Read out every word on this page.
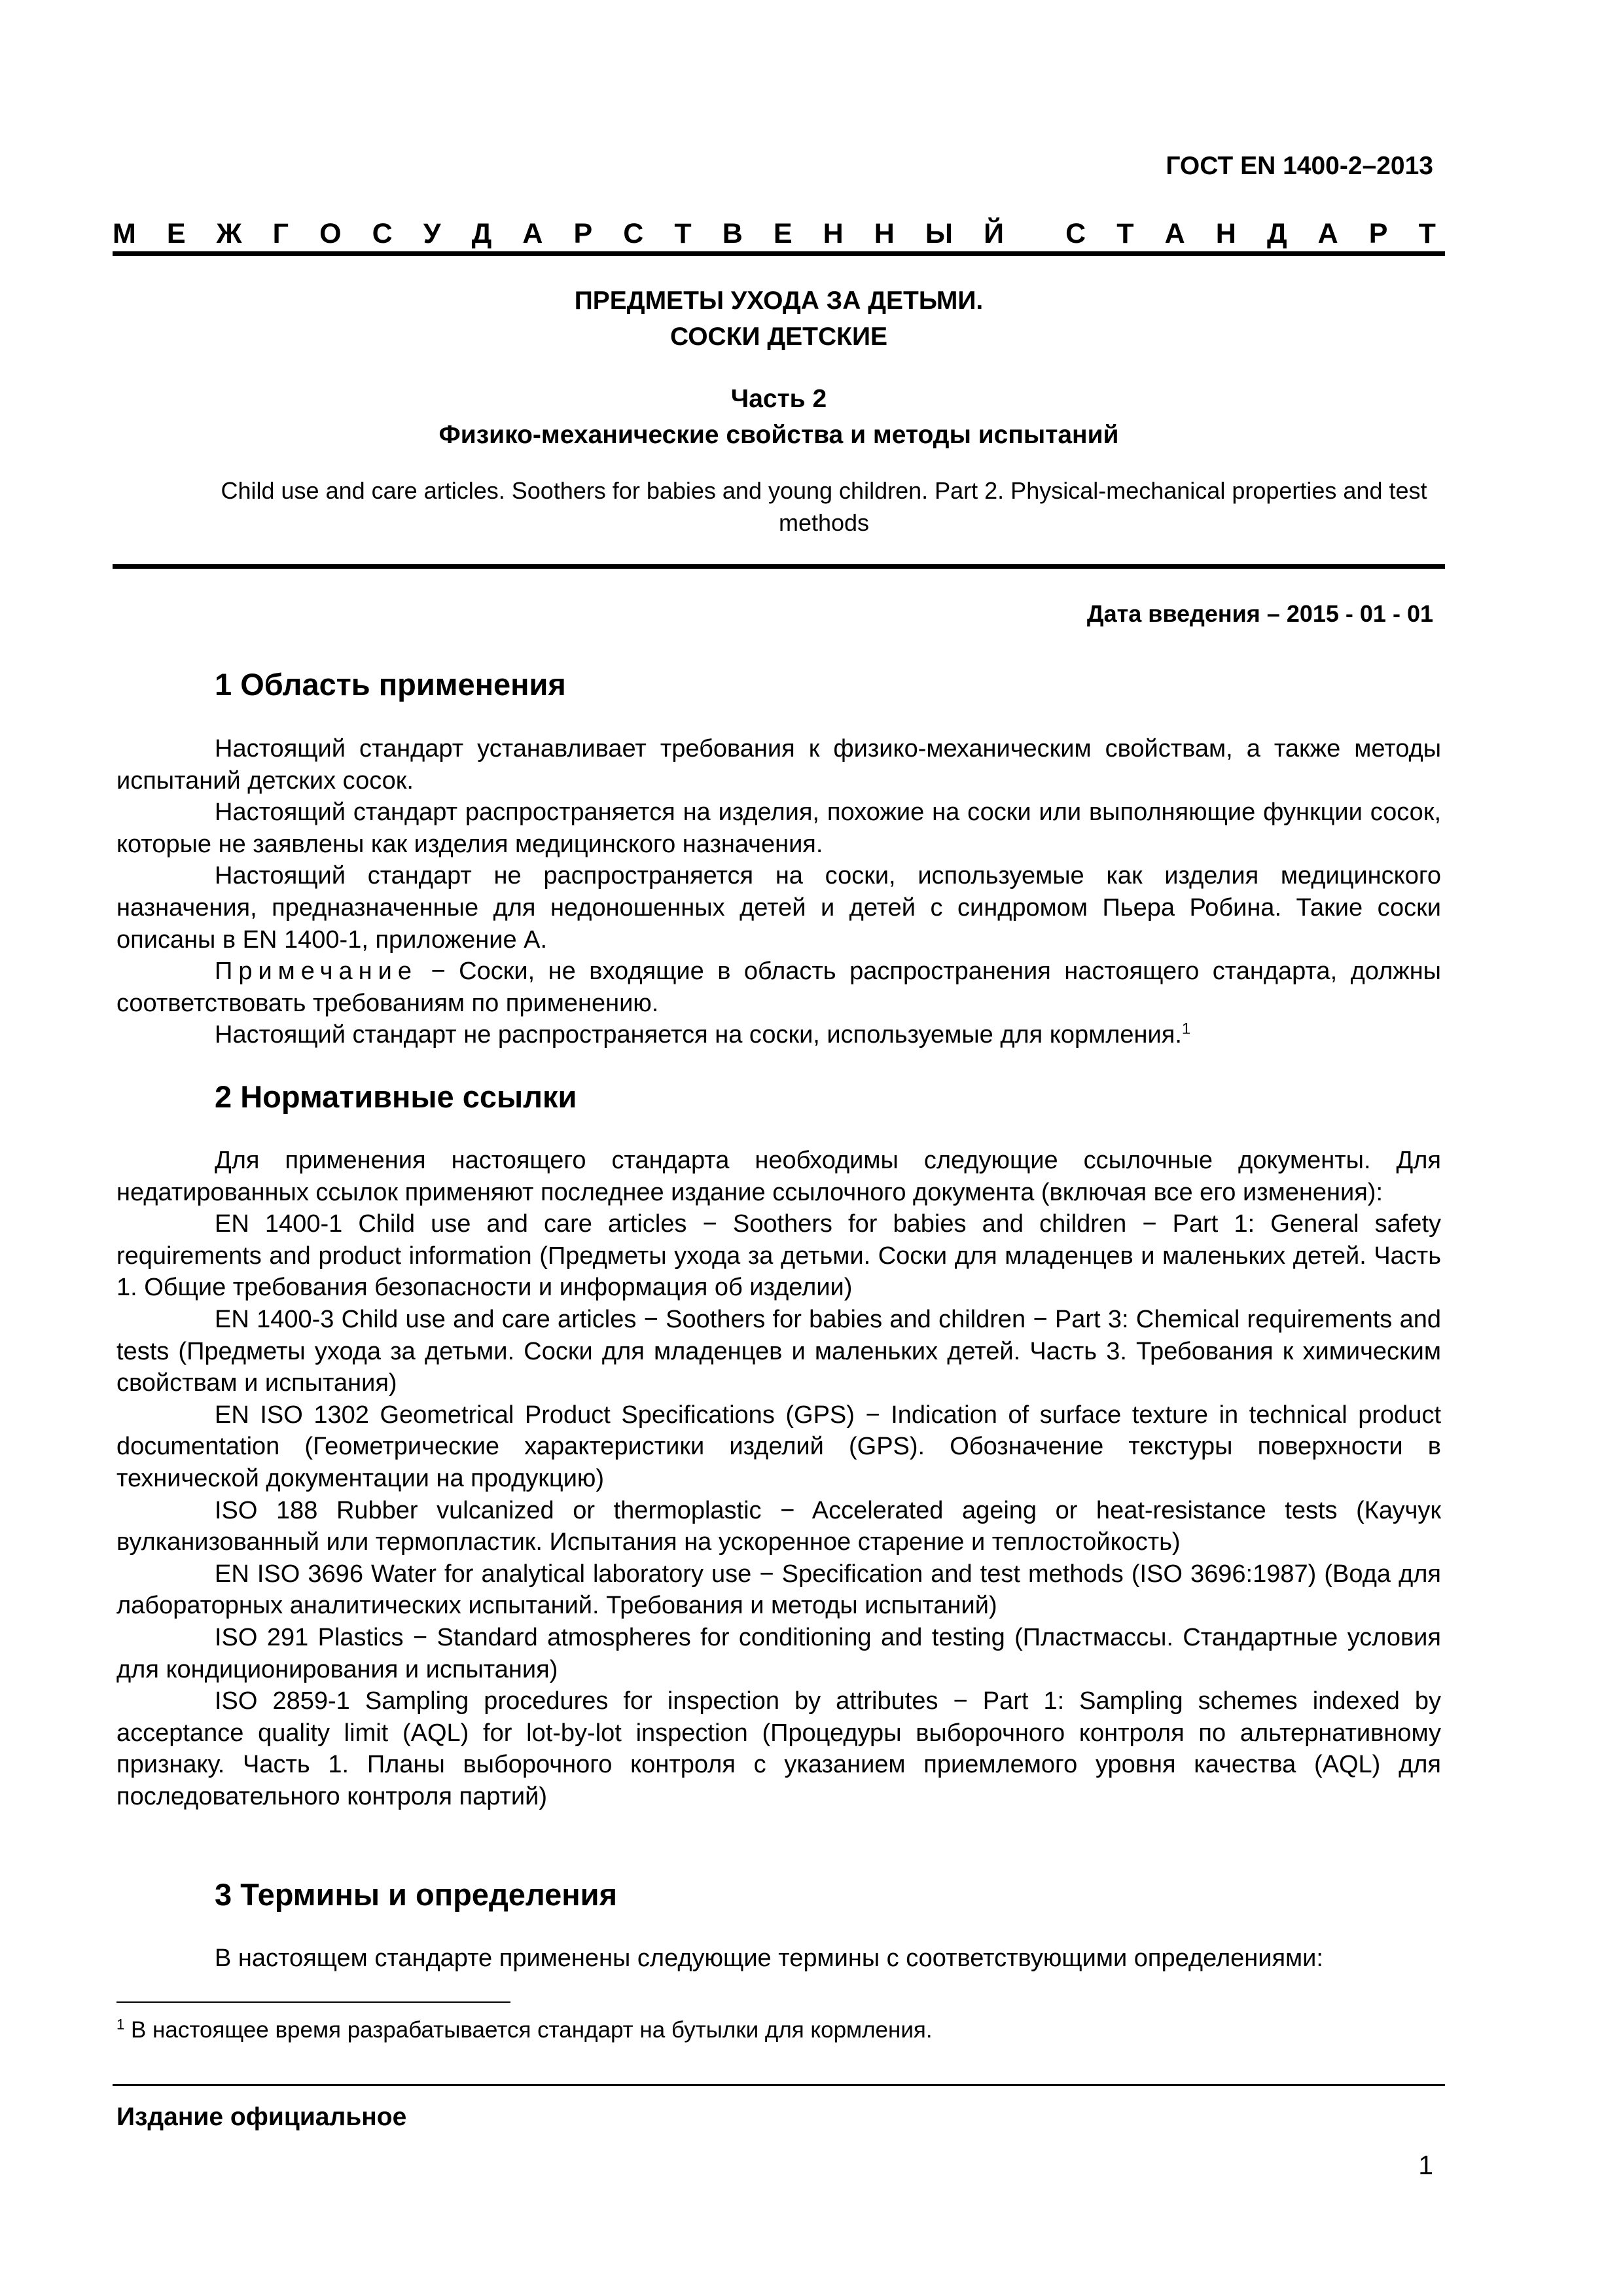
ГОСТ EN 1400-2–2013
М Е Ж Г О С У Д А Р С Т В Е Н Н Ы Й С Т А Н Д А Р Т
ПРЕДМЕТЫ УХОДА ЗА ДЕТЬМИ.
СОСКИ ДЕТСКИЕ
Часть 2
Физико-механические свойства и методы испытаний
Child use and care articles. Soothers for babies and young children. Part 2. Physical-mechanical properties and test methods
Дата введения – 2015 - 01 - 01
1 Область применения

Настоящий стандарт устанавливает требования к физико-механическим свойствам, а также методы испытаний детских сосок.

Настоящий стандарт распространяется на изделия, похожие на соски или выполняющие функции сосок, которые не заявлены как изделия медицинского назначения.

Настоящий стандарт не распространяется на соски, используемые как изделия медицинского назначения, предназначенные для недоношенных детей и детей с синдромом Пьера Робина. Такие соски описаны в EN 1400-1, приложение A.

Примечание − Соски, не входящие в область распространения настоящего стандарта, должны соответствовать требованиям по применению.

Настоящий стандарт не распространяется на соски, используемые для кормления.$^1$

2 Нормативные ссылки

Для применения настоящего стандарта необходимы следующие ссылочные документы. Для недатированных ссылок применяют последнее издание ссылочного документа (включая все его изменения):

EN 1400-1 Child use and care articles − Soothers for babies and children − Part 1: General safety requirements and product information (Предметы ухода за детьми. Соски для младенцев и маленьких детей. Часть 1. Общие требования безопасности и информация об изделии)

EN 1400-3 Child use and care articles − Soothers for babies and children − Part 3: Chemical requirements and tests (Предметы ухода за детьми. Соски для младенцев и маленьких детей. Часть 3. Требования к химическим свойствам и испытания)

EN ISO 1302 Geometrical Product Specifications (GPS) − Indication of surface texture in technical product documentation (Геометрические характеристики изделий (GPS). Обозначение текстуры поверхности в технической документации на продукцию)

ISO 188 Rubber vulcanized or thermoplastic − Accelerated ageing or heat-resistance tests (Каучук вулканизованный или термопластик. Испытания на ускоренное старение и теплостойкость)

EN ISO 3696 Water for analytical laboratory use − Specification and test methods (ISO 3696:1987) (Вода для лабораторных аналитических испытаний. Требования и методы испытаний)

ISO 291 Plastics − Standard atmospheres for conditioning and testing (Пластмассы. Стандартные условия для кондиционирования и испытания)

ISO 2859-1 Sampling procedures for inspection by attributes − Part 1: Sampling schemes indexed by acceptance quality limit (AQL) for lot-by-lot inspection (Процедуры выборочного контроля по альтернативному признаку. Часть 1. Планы выборочного контроля с указанием приемлемого уровня качества (AQL) для последовательного контроля партий)

3 Термины и определения

В настоящем стандарте применены следующие термины с соответствующими определениями:

$^1$ В настоящее время разрабатывается стандарт на бутылки для кормления.
Издание официальное
1
